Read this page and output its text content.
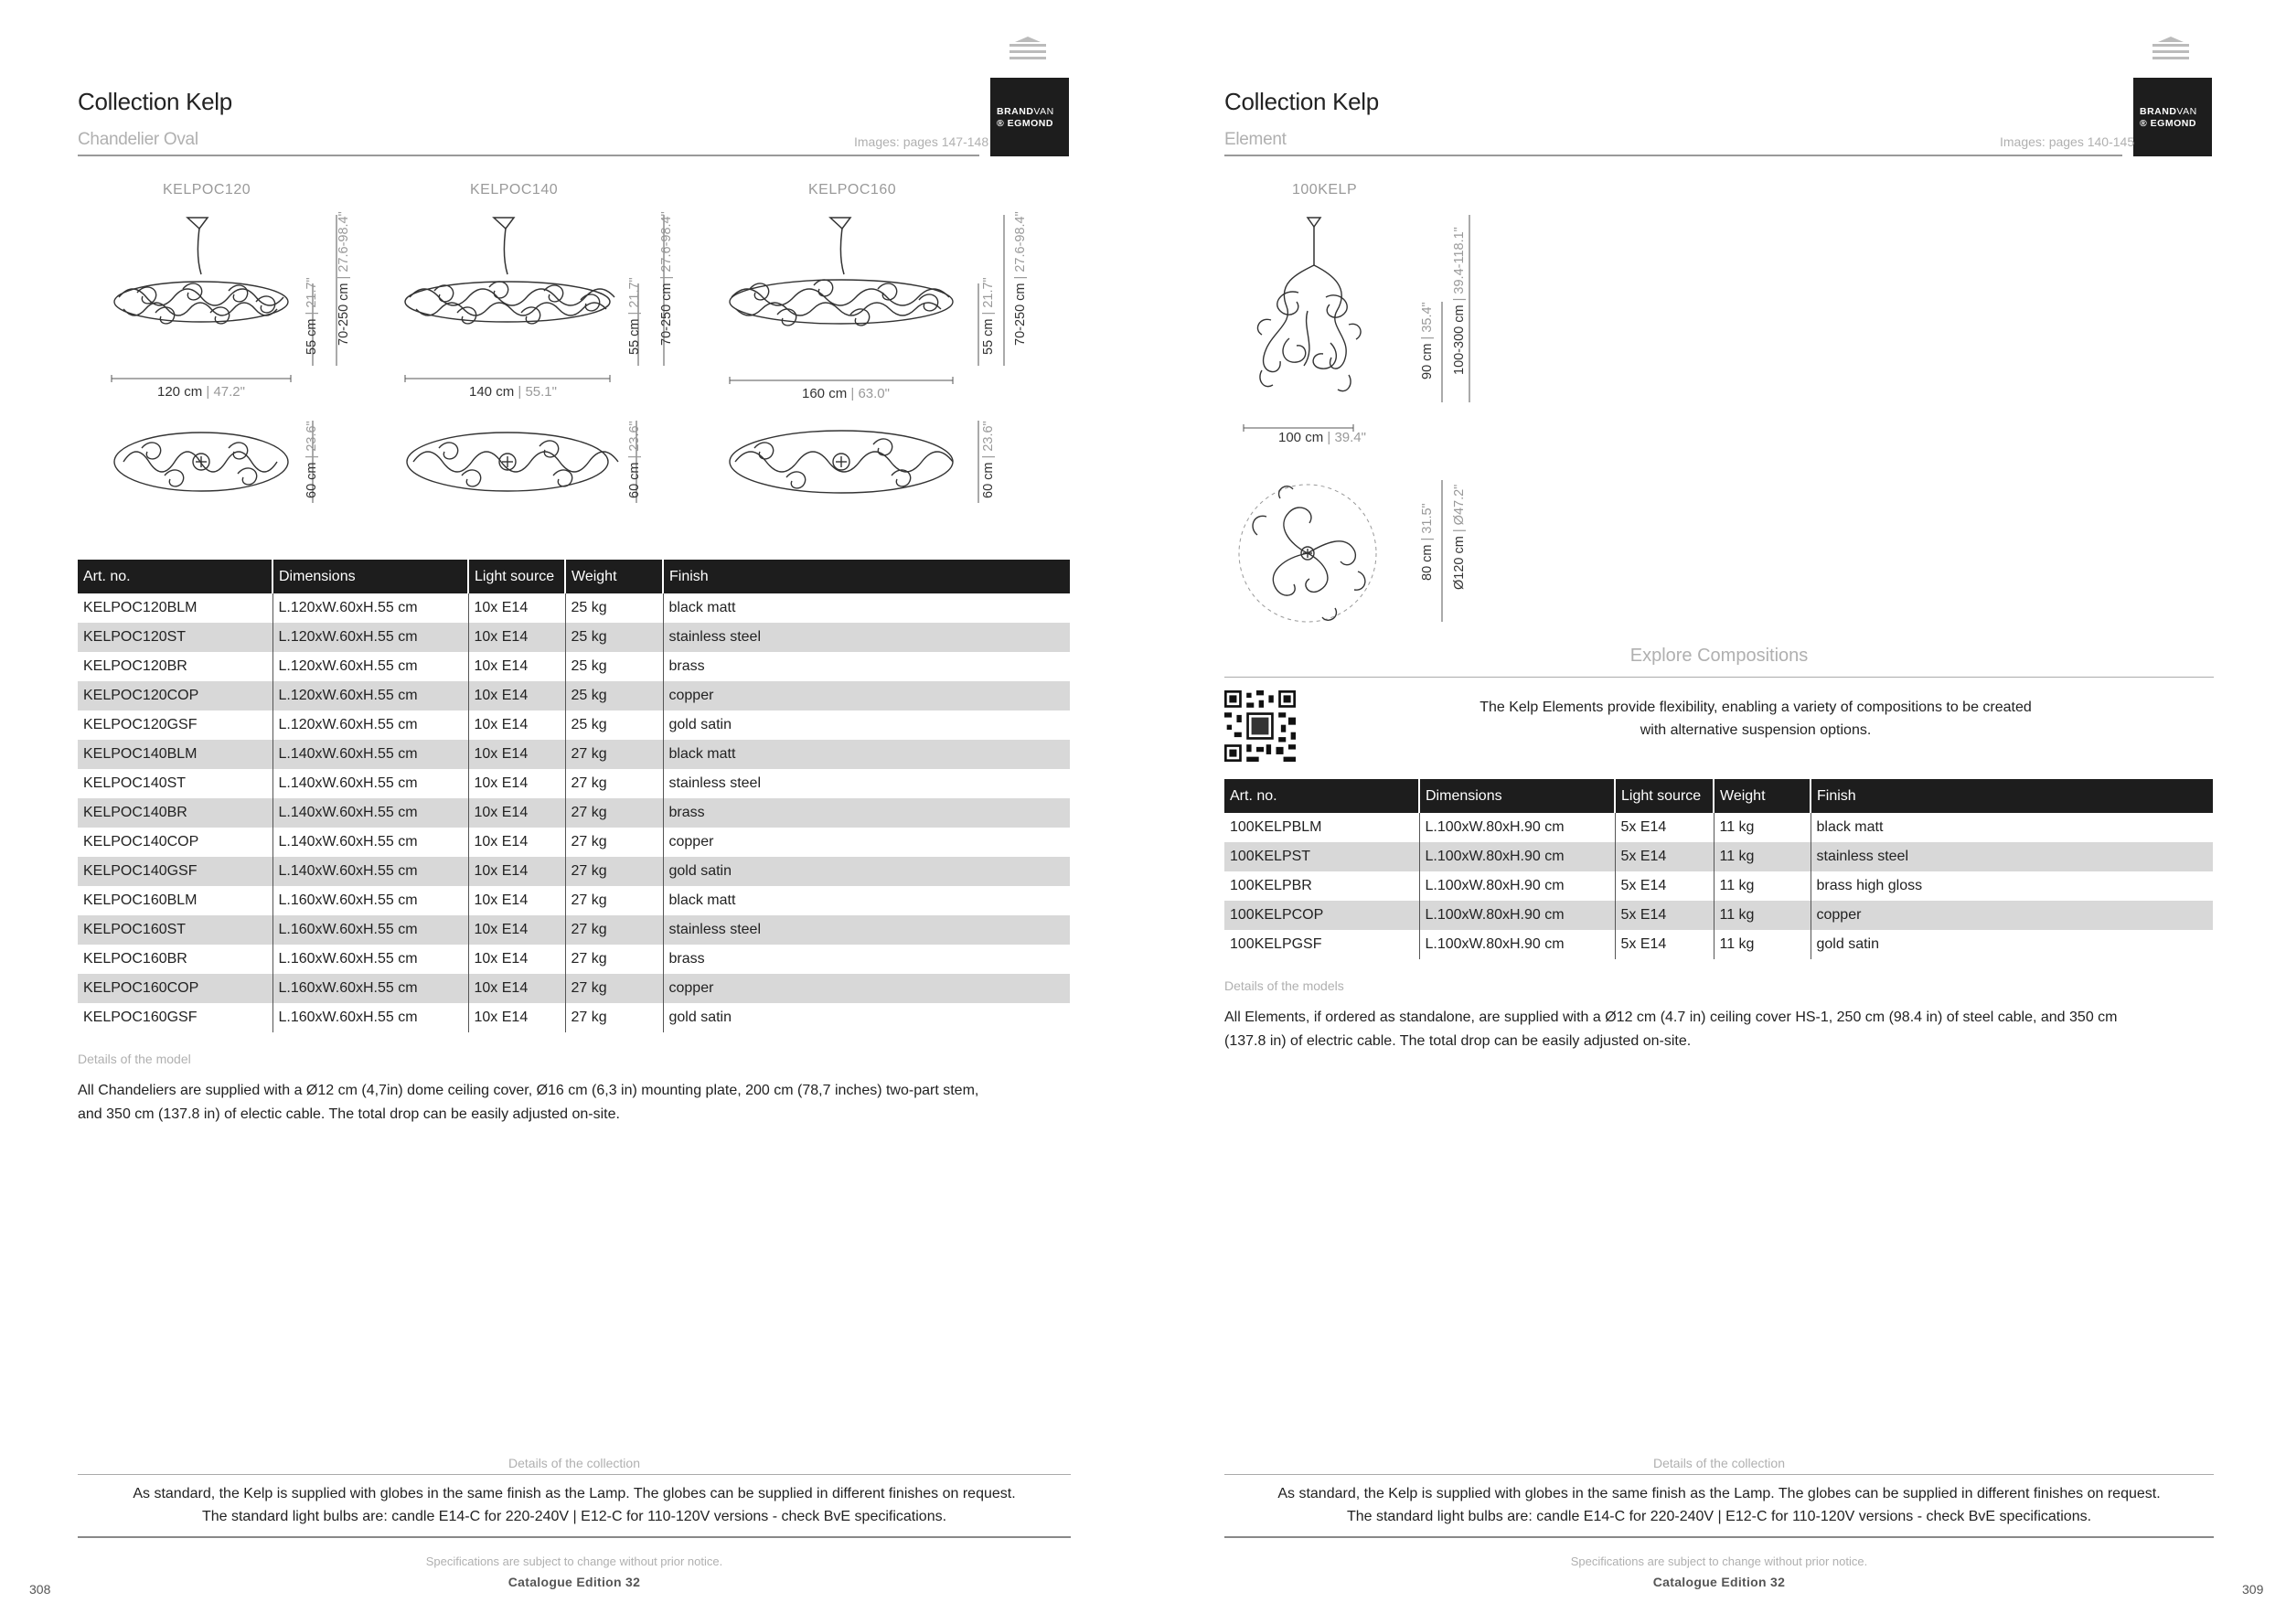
BRANDVAN
® EGMOND
Collection Kelp
Chandelier Oval	Images: pages 147-148
KELPOC120	KELPOC140	KELPOC160
120 cm | 47.2"	140 cm | 55.1"	160 cm | 63.0"
55 cm | 21.7" 70-250 cm | 27.6-98.4"
60 cm | 23.6"
55 cm | 21.7" 70-250 cm | 27.6-98.4"
60 cm | 23.6"
55 cm | 21.7" 70-250 cm | 27.6-98.4"
60 cm | 23.6"
Art. no.	Dimensions	Light source	Weight	Finish
KELPOC120BLM	L.120xW.60xH.55 cm	10x E14	25 kg	black matt
KELPOC120ST	L.120xW.60xH.55 cm	10x E14	25 kg	stainless steel
KELPOC120BR	L.120xW.60xH.55 cm	10x E14	25 kg	brass
KELPOC120COP	L.120xW.60xH.55 cm	10x E14	25 kg	copper
KELPOC120GSF	L.120xW.60xH.55 cm	10x E14	25 kg	gold satin
KELPOC140BLM	L.140xW.60xH.55 cm	10x E14	27 kg	black matt
KELPOC140ST	L.140xW.60xH.55 cm	10x E14	27 kg	stainless steel
KELPOC140BR	L.140xW.60xH.55 cm	10x E14	27 kg	brass
KELPOC140COP	L.140xW.60xH.55 cm	10x E14	27 kg	copper
KELPOC140GSF	L.140xW.60xH.55 cm	10x E14	27 kg	gold satin
KELPOC160BLM	L.160xW.60xH.55 cm	10x E14	27 kg	black matt
KELPOC160ST	L.160xW.60xH.55 cm	10x E14	27 kg	stainless steel
KELPOC160BR	L.160xW.60xH.55 cm	10x E14	27 kg	brass
KELPOC160COP	L.160xW.60xH.55 cm	10x E14	27 kg	copper
KELPOC160GSF	L.160xW.60xH.55 cm	10x E14	27 kg	gold satin
Details of the model
All Chandeliers are supplied with a Ø12 cm (4,7in) dome ceiling cover, Ø16 cm (6,3 in) mounting plate, 200 cm (78,7 inches) two-part stem,
and 350 cm (137.8 in) of electic cable. The total drop can be easily adjusted on-site.
Details of the collection
As standard, the Kelp is supplied with globes in the same finish as the Lamp. The globes can be supplied in different finishes on request.
The standard light bulbs are: candle E14-C for 220-240V | E12-C for 110-120V versions - check BvE specifications.
Specifications are subject to change without prior notice.
Catalogue Edition 32
308
BRANDVAN
® EGMOND
Collection Kelp
Element	Images: pages 140-145
100KELP
100 cm | 39.4"
90 cm | 35.4" 100-300 cm | 39.4-118.1"
80 cm | 31.5"
Ø120 cm | Ø47.2"
Explore Compositions
The Kelp Elements provide flexibility, enabling a variety of compositions to be created
with alternative suspension options.
Art. no.	Dimensions	Light source	Weight	Finish
100KELPBLM	L.100xW.80xH.90 cm	5x E14	11 kg	black matt
100KELPST	L.100xW.80xH.90 cm	5x E14	11 kg	stainless steel
100KELPBR	L.100xW.80xH.90 cm	5x E14	11 kg	brass high gloss
100KELPCOP	L.100xW.80xH.90 cm	5x E14	11 kg	copper
100KELPGSF	L.100xW.80xH.90 cm	5x E14	11 kg	gold satin
Details of the models
All Elements, if ordered as standalone, are supplied with a Ø12 cm (4.7 in) ceiling cover HS-1, 250 cm (98.4 in) of steel cable, and 350 cm
(137.8 in) of electric cable. The total drop can be easily adjusted on-site.
Details of the collection
As standard, the Kelp is supplied with globes in the same finish as the Lamp. The globes can be supplied in different finishes on request.
The standard light bulbs are: candle E14-C for 220-240V | E12-C for 110-120V versions - check BvE specifications.
Specifications are subject to change without prior notice.
Catalogue Edition 32	309
